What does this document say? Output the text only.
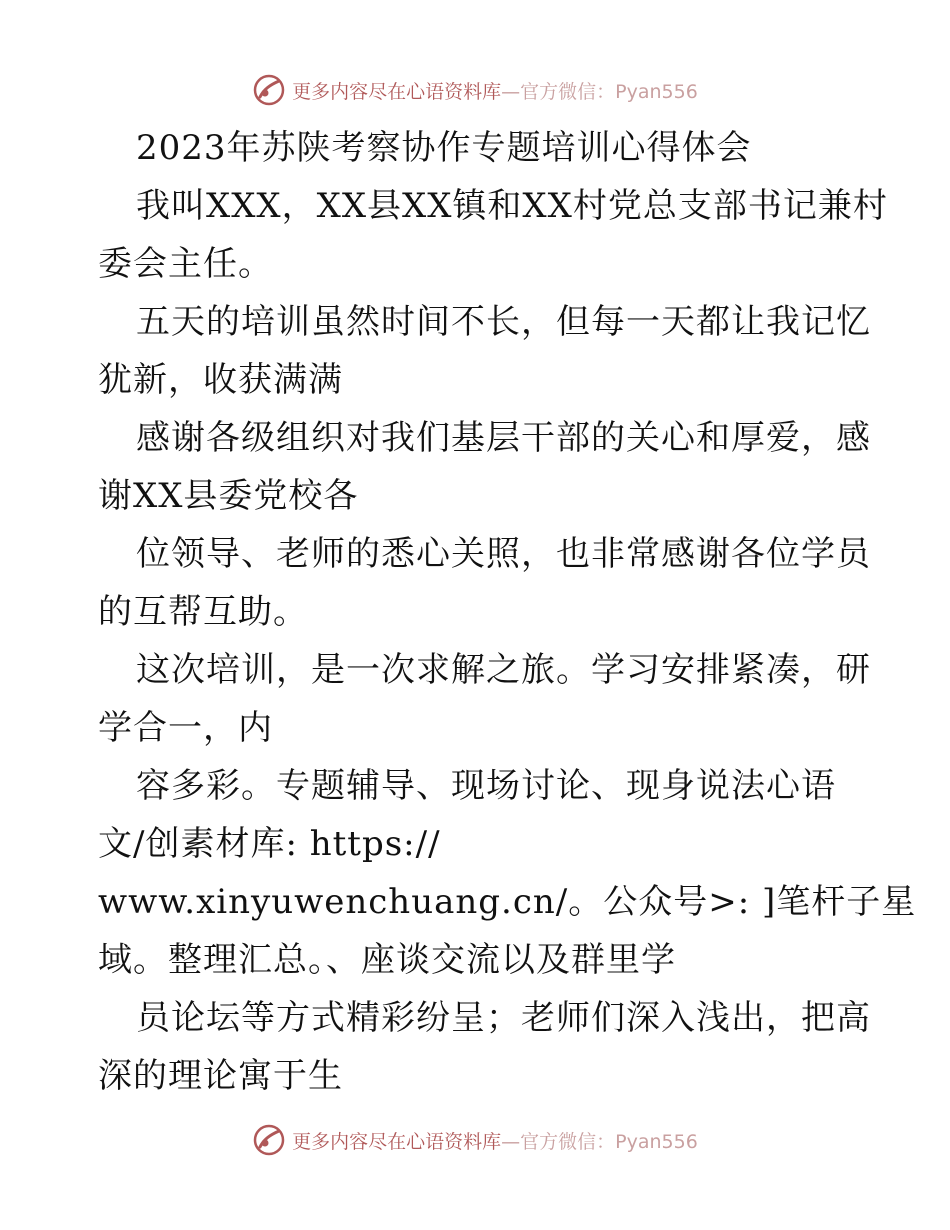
更多内容尽在心语资料库—官方微信：Pyan556
2023年苏陕考察协作专题培训心得体会
我叫XXX，XX县XX镇和XX村党总支部书记兼村
委会主任。
五天的培训虽然时间不长，但每一天都让我记忆
犹新，收获满满
感谢各级组织对我们基层干部的关心和厚爱，感
谢XX县委党校各
位领导、老师的悉心关照，也非常感谢各位学员
的互帮互助。
这次培训，是一次求解之旅。学习安排紧凑，研
学合一，内
容多彩。专题辅导、现场讨论、现身说法心语
文/创素材库: https://
www.xinyuwenchuang.cn/。公众号>: ]笔杆子星
域。整理汇总。、座谈交流以及群里学
员论坛等方式精彩纷呈；老师们深入浅出，把高
深的理论寓于生
更多内容尽在心语资料库—官方微信：Pyan556
